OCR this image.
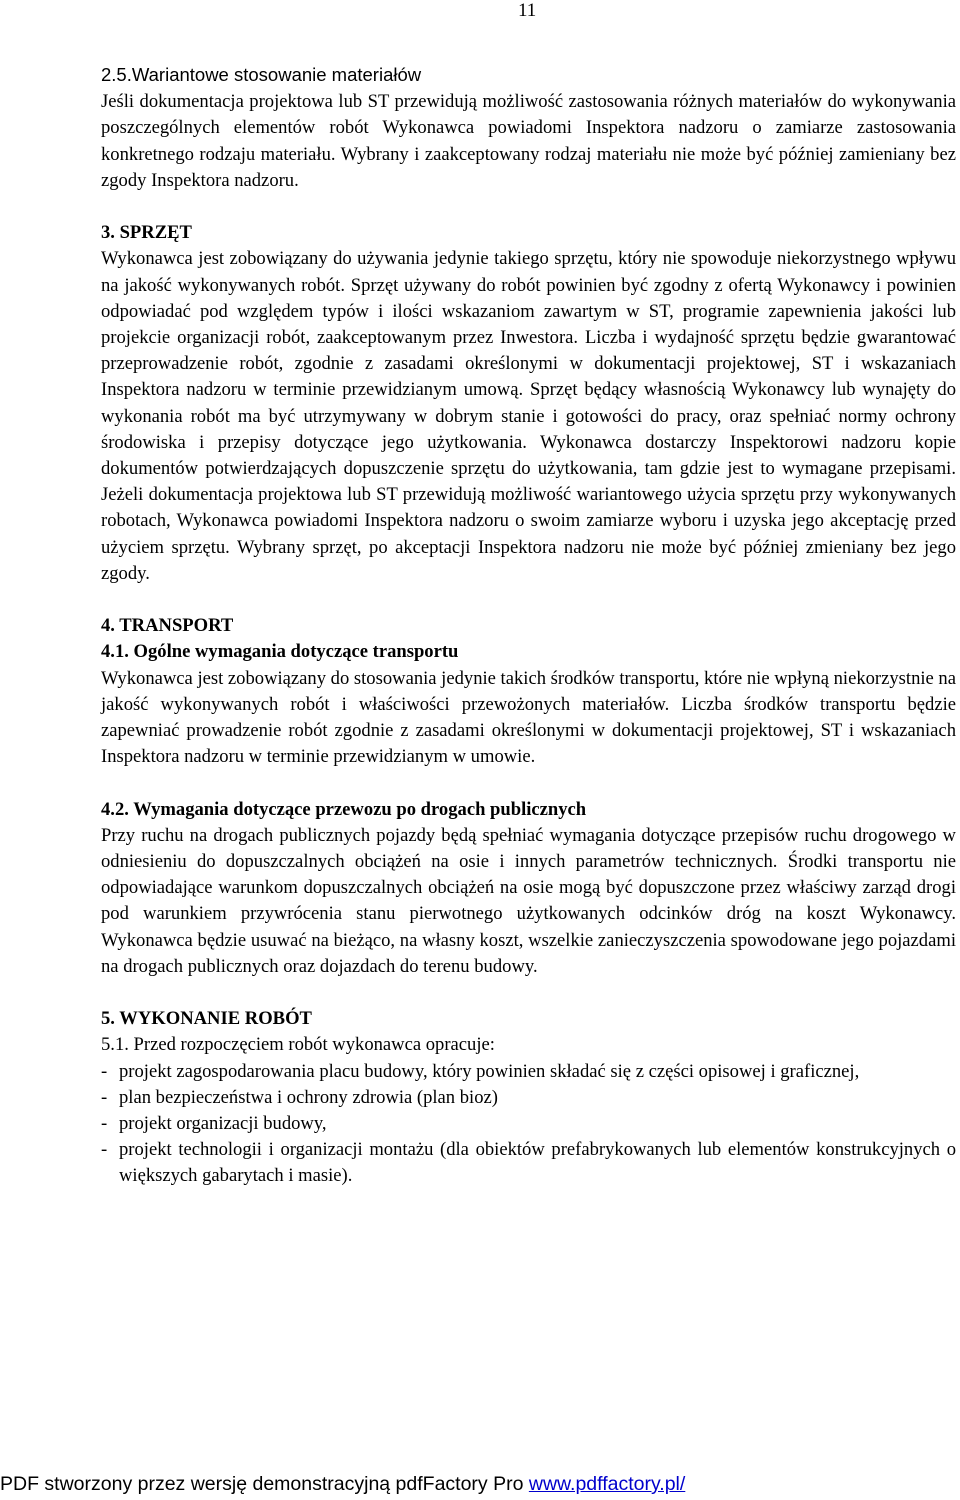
11

2.5.Wariantowe stosowanie materiałów

Jeśli dokumentacja projektowa lub ST przewidują możliwość zastosowania różnych materiałów do wykonywania poszczególnych elementów robót Wykonawca powiadomi Inspektora nadzoru o zamiarze zastosowania konkretnego rodzaju materiału. Wybrany i zaakceptowany rodzaj materiału nie może być później zamieniany bez zgody Inspektora nadzoru.

3. SPRZĘT

Wykonawca jest zobowiązany do używania jedynie takiego sprzętu, który nie spowoduje niekorzystnego wpływu na jakość wykonywanych robót. Sprzęt używany do robót powinien być zgodny z ofertą Wykonawcy i powinien odpowiadać pod względem typów i ilości wskazaniom zawartym w ST, programie zapewnienia jakości lub projekcie organizacji robót, zaakceptowanym przez Inwestora. Liczba i wydajność sprzętu będzie gwarantować przeprowadzenie robót, zgodnie z zasadami określonymi w dokumentacji projektowej, ST i wskazaniach Inspektora nadzoru w terminie przewidzianym umową. Sprzęt będący własnością Wykonawcy lub wynajęty do wykonania robót ma być utrzymywany w dobrym stanie i gotowości do pracy, oraz spełniać normy ochrony środowiska i przepisy dotyczące jego użytkowania. Wykonawca dostarczy Inspektorowi nadzoru kopie dokumentów potwierdzających dopuszczenie sprzętu do użytkowania, tam gdzie jest to wymagane przepisami. Jeżeli dokumentacja projektowa lub ST przewidują możliwość wariantowego użycia sprzętu przy wykonywanych robotach, Wykonawca powiadomi Inspektora nadzoru o swoim zamiarze wyboru i uzyska jego akceptację przed użyciem sprzętu. Wybrany sprzęt, po akceptacji Inspektora nadzoru nie może być później zmieniany bez jego zgody.

4. TRANSPORT

4.1. Ogólne wymagania dotyczące transportu

Wykonawca jest zobowiązany do stosowania jedynie takich środków transportu, które nie wpłyną niekorzystnie na jakość wykonywanych robót i właściwości przewożonych materiałów. Liczba środków transportu będzie zapewniać prowadzenie robót zgodnie z zasadami określonymi w dokumentacji projektowej, ST i wskazaniach Inspektora nadzoru w terminie przewidzianym w umowie.

4.2. Wymagania dotyczące przewozu po drogach publicznych

Przy ruchu na drogach publicznych pojazdy będą spełniać wymagania dotyczące przepisów ruchu drogowego w odniesieniu do dopuszczalnych obciążeń na osie i innych parametrów technicznych. Środki transportu nie odpowiadające warunkom dopuszczalnych obciążeń na osie mogą być dopuszczone przez właściwy zarząd drogi pod warunkiem przywrócenia stanu pierwotnego użytkowanych odcinków dróg na koszt Wykonawcy. Wykonawca będzie usuwać na bieżąco, na własny koszt, wszelkie zanieczyszczenia spowodowane jego pojazdami na drogach publicznych oraz dojazdach do terenu budowy.

5. WYKONANIE ROBÓT

5.1. Przed rozpoczęciem robót wykonawca opracuje:

- projekt zagospodarowania placu budowy, który powinien składać się z części opisowej i graficznej,
- plan bezpieczeństwa i ochrony zdrowia (plan bioz)
- projekt organizacji budowy,
- projekt technologii i organizacji montażu (dla obiektów prefabrykowanych lub elementów konstrukcyjnych o większych gabarytach i masie).
PDF stworzony przez wersję demonstracyjną pdfFactory Pro www.pdffactory.pl/
